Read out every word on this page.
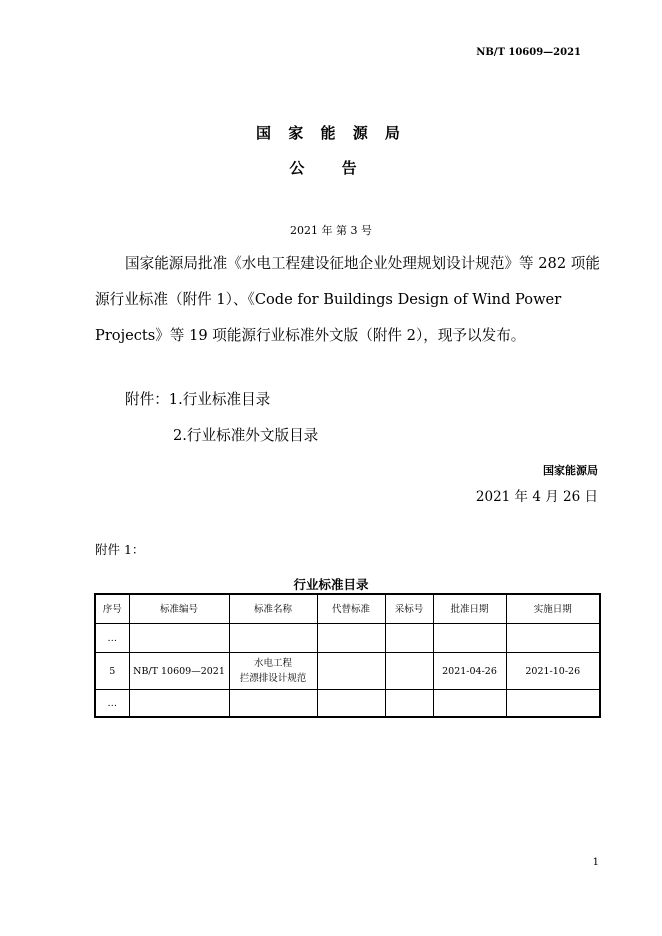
NB/T 10609—2021
国 家 能 源 局
公 告
2021 年 第 3 号

国家能源局批准《水电工程建设征地企业处理规划设计规范》等 282 项能源行业标准（附件 1）、《Code for Buildings Design of Wind Power Projects》等 19 项能源行业标准外文版（附件 2），现予以发布。

附件：1.行业标准目录
2.行业标准外文版目录
国家能源局
2021 年 4 月 26 日
附件 1：
行业标准目录
序号	标准编号	标准名称	代替标准	采标号	批准日期	实施日期
…						
5	NB/T 10609—2021	水电工程
拦漂排设计规范			2021-04-26	2021-10-26
…						
1
